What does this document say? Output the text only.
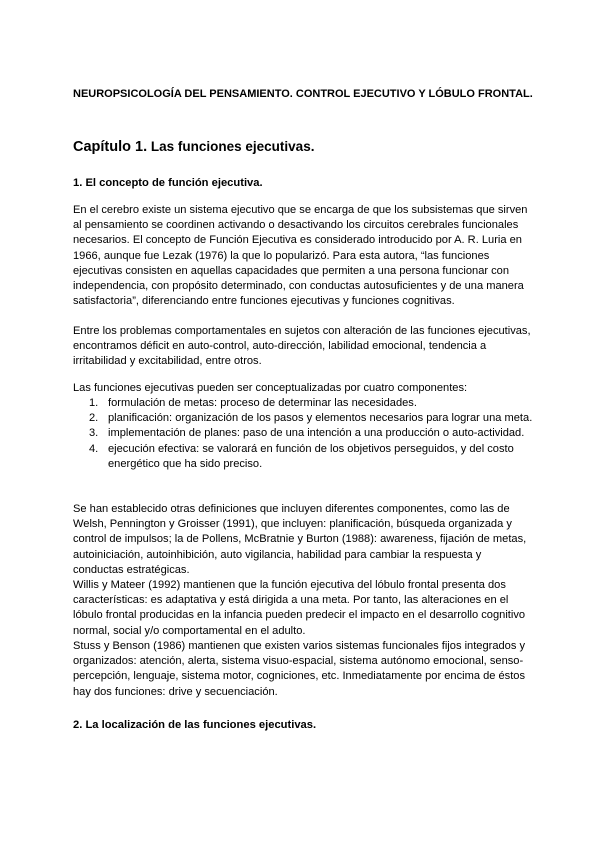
NEUROPSICOLOGÍA DEL PENSAMIENTO. CONTROL EJECUTIVO Y LÓBULO FRONTAL.
Capítulo 1. Las funciones ejecutivas.
1. El concepto de función ejecutiva.

En el cerebro existe un sistema ejecutivo que se encarga de que los subsistemas que sirven al pensamiento se coordinen activando o desactivando los circuitos cerebrales funcionales necesarios. El concepto de Función Ejecutiva es considerado introducido por A. R. Luria en 1966, aunque fue Lezak (1976) la que lo popularizó. Para esta autora, “las funciones ejecutivas consisten en aquellas capacidades que permiten a una persona funcionar con independencia, con propósito determinado, con conductas autosuficientes y de una manera satisfactoria”, diferenciando entre funciones ejecutivas y funciones cognitivas.

Entre los problemas comportamentales en sujetos con alteración de las funciones ejecutivas, encontramos déficit en auto-control, auto-dirección, labilidad emocional, tendencia a irritabilidad y excitabilidad, entre otros.

Las funciones ejecutivas pueden ser conceptualizadas por cuatro componentes:

1. formulación de metas: proceso de determinar las necesidades.
2. planificación: organización de los pasos y elementos necesarios para lograr una meta.
3. implementación de planes: paso de una intención a una producción o auto-actividad.
4. ejecución efectiva: se valorará en función de los objetivos perseguidos, y del costo energético que ha sido preciso.

Se han establecido otras definiciones que incluyen diferentes componentes, como las de Welsh, Pennington y Groisser (1991), que incluyen: planificación, búsqueda organizada y control de impulsos; la de Pollens, McBratnie y Burton (1988): awareness, fijación de metas, autoiniciación, autoinhibición, auto vigilancia, habilidad para cambiar la respuesta y conductas estratégicas.

Willis y Mateer (1992) mantienen que la función ejecutiva del lóbulo frontal presenta dos características: es adaptativa y está dirigida a una meta. Por tanto, las alteraciones en el lóbulo frontal producidas en la infancia pueden predecir el impacto en el desarrollo cognitivo normal, social y/o comportamental en el adulto.

Stuss y Benson (1986) mantienen que existen varios sistemas funcionales fijos integrados y organizados: atención, alerta, sistema visuo-espacial, sistema autónomo emocional, senso-percepción, lenguaje, sistema motor, cogniciones, etc. Inmediatamente por encima de éstos hay dos funciones: drive y secuenciación.

2. La localización de las funciones ejecutivas.
